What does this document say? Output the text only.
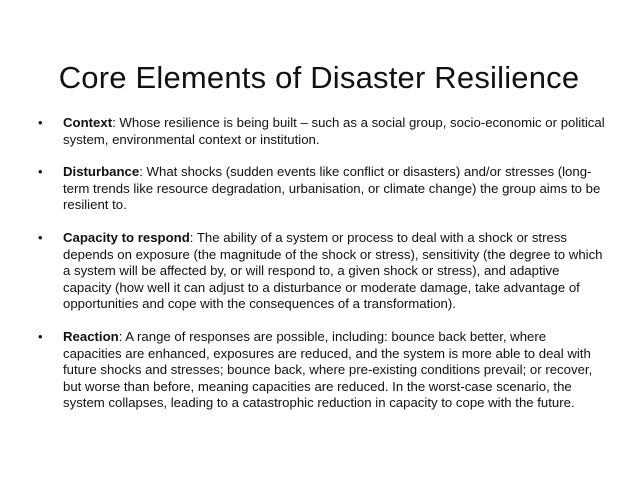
Core Elements of Disaster Resilience
• Context: Whose resilience is being built – such as a social group, socio-economic or political system, environmental context or institution.
• Disturbance: What shocks (sudden events like conflict or disasters) and/or stresses (long-term trends like resource degradation, urbanisation, or climate change) the group aims to be resilient to.
• Capacity to respond: The ability of a system or process to deal with a shock or stress depends on exposure (the magnitude of the shock or stress), sensitivity (the degree to which a system will be affected by, or will respond to, a given shock or stress), and adaptive capacity (how well it can adjust to a disturbance or moderate damage, take advantage of opportunities and cope with the consequences of a transformation).
• Reaction: A range of responses are possible, including: bounce back better, where capacities are enhanced, exposures are reduced, and the system is more able to deal with future shocks and stresses; bounce back, where pre-existing conditions prevail; or recover, but worse than before, meaning capacities are reduced. In the worst-case scenario, the system collapses, leading to a catastrophic reduction in capacity to cope with the future.
